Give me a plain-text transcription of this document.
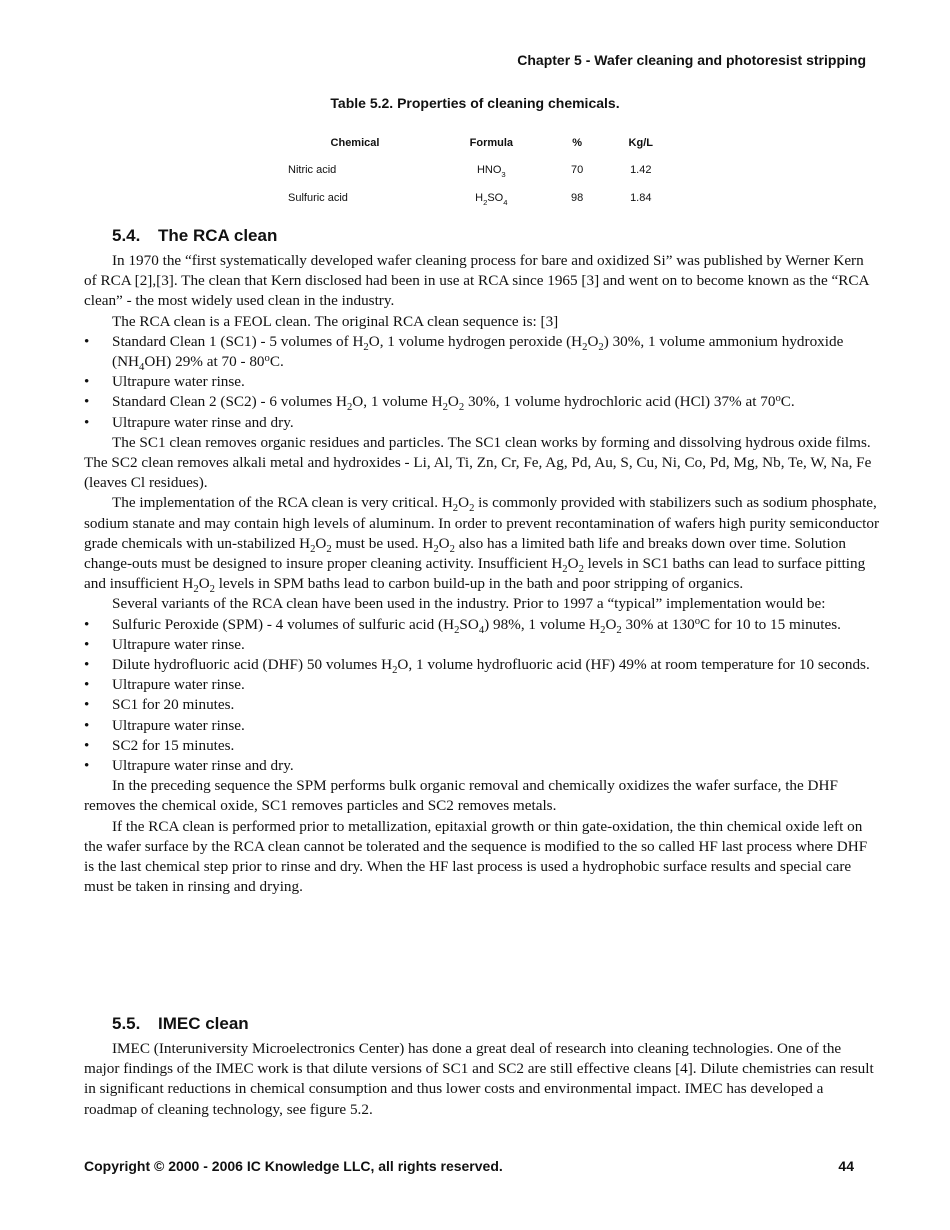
Chapter 5 - Wafer cleaning and photoresist stripping
Table 5.2. Properties of cleaning chemicals.
Chemical	Formula	%	Kg/L
Nitric acid	$HNO_3$	70	1.42
Sulfuric acid	$H_2SO_4$	98	1.84
5.4. The RCA clean

In 1970 the “first systematically developed wafer cleaning process for bare and oxidized Si” was published by Werner Kern of RCA [2],[3]. The clean that Kern disclosed had been in use at RCA since 1965 [3] and went on to become known as the “RCA clean” - the most widely used clean in the industry.

The RCA clean is a FEOL clean. The original RCA clean sequence is: [3]

• Standard Clean 1 (SC1) - 5 volumes of $H_2O$, 1 volume hydrogen peroxide $(H_2O_2)$ 30%, 1 volume ammonium hydroxide $(NH_4OH)$ 29% at 70 - 80$^o$C.
• Ultrapure water rinse.
• Standard Clean 2 (SC2) - 6 volumes $H_2O$, 1 volume $H_2O_2$ 30%, 1 volume hydrochloric acid (HCl) 37% at 70$^o$C.
• Ultrapure water rinse and dry.

The SC1 clean removes organic residues and particles. The SC1 clean works by forming and dissolving hydrous oxide films. The SC2 clean removes alkali metal and hydroxides - Li, Al, Ti, Zn, Cr, Fe, Ag, Pd, Au, S, Cu, Ni, Co, Pd, Mg, Nb, Te, W, Na, Fe (leaves Cl residues).

The implementation of the RCA clean is very critical. $H_2O_2$ is commonly provided with stabilizers such as sodium phosphate, sodium stanate and may contain high levels of aluminum. In order to prevent recontamination of wafers high purity semiconductor grade chemicals with un-stabilized $H_2O_2$ must be used. $H_2O_2$ also has a limited bath life and breaks down over time. Solution change-outs must be designed to insure proper cleaning activity. Insufficient $H_2O_2$ levels in SC1 baths can lead to surface pitting and insufficient $H_2O_2$ levels in SPM baths lead to carbon build-up in the bath and poor stripping of organics.

Several variants of the RCA clean have been used in the industry. Prior to 1997 a “typical” implementation would be:

• Sulfuric Peroxide (SPM) - 4 volumes of sulfuric acid $(H_2SO_4)$ 98%, 1 volume $H_2O_2$ 30% at 130$^o$C for 10 to 15 minutes.
• Ultrapure water rinse.
• Dilute hydrofluoric acid (DHF) 50 volumes $H_2O$, 1 volume hydrofluoric acid (HF) 49% at room temperature for 10 seconds.
• Ultrapure water rinse.
• SC1 for 20 minutes.
• Ultrapure water rinse.
• SC2 for 15 minutes.
• Ultrapure water rinse and dry.

In the preceding sequence the SPM performs bulk organic removal and chemically oxidizes the wafer surface, the DHF removes the chemical oxide, SC1 removes particles and SC2 removes metals.

If the RCA clean is performed prior to metallization, epitaxial growth or thin gate-oxidation, the thin chemical oxide left on the wafer surface by the RCA clean cannot be tolerated and the sequence is modified to the so called HF last process where DHF is the last chemical step prior to rinse and dry. When the HF last process is used a hydrophobic surface results and special care must be taken in rinsing and drying.

5.5. IMEC clean

IMEC (Interuniversity Microelectronics Center) has done a great deal of research into cleaning technologies. One of the major findings of the IMEC work is that dilute versions of SC1 and SC2 are still effective cleans [4]. Dilute chemistries can result in significant reductions in chemical consumption and thus lower costs and environmental impact. IMEC has developed a roadmap of cleaning technology, see figure 5.2.

Copyright © 2000 - 2006 IC Knowledge LLC, all rights reserved.	44
